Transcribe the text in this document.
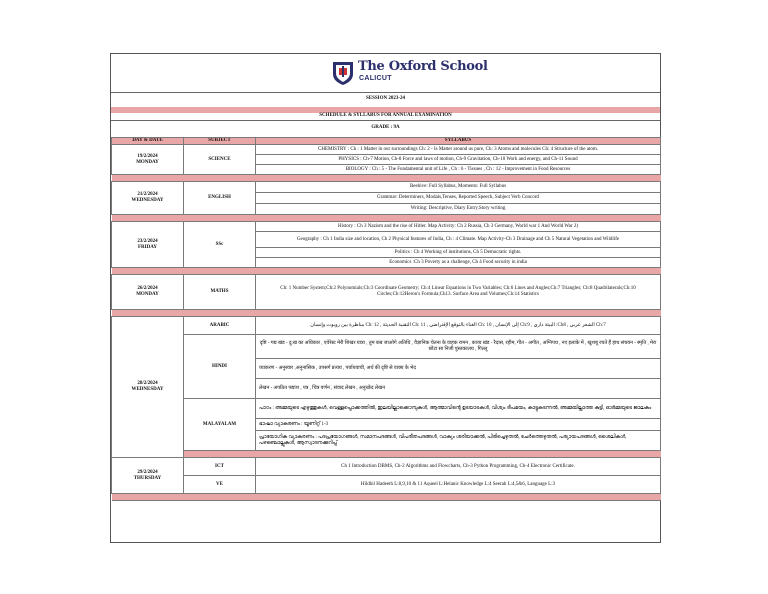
The Oxford School
CALICUT
SESSION 2023-24
SCHEDULE & SYLLABUS FOR ANNUAL EXAMINATION
GRADE : 9A
DAY & DATE	SUBJECT	SYLLABUS

19/2/2024
MONDAY	SCIENCE	CHEMISTRY : Ch : 1 Matter in our surroundings Ch: 2 - Is Matter around us pure, Ch: 3 Atoms and molecules Ch: 4 Structure of the atom.
		PHYSICS : Ch-7 Motion, Ch-8 Force and laws of motion, Ch-9 Gravitation, Ch-10 Work and energy, and Ch-11 Sound
		BIOLOGY : Ch : 5 - The Fundamental unit of Life , Ch : 6 - Tissues , Ch : 12 - Improvement in Food Resources

21/2/2024
WEDNESDAY	ENGLISH	Beehive: Full Syllabus, Moments: Full Syllabus
		Grammar: Determiners, Modals,Tenses, Reported Speech, Subject Verb Concord
		Writing: Descriptive, Diary Entry,Story writing

23/2/2024
FRIDAY	SSc	History : Ch 3 Nazism and the rise of Hitler. Map Activity: Ch 2 Russia, Ch 3 Germany, World war 1 And World War 2)
		Geography : Ch 1 India size and location, Ch 2 Physical features of India, Ch : 4 Climate. Map Activity-Ch 3 Drainage and Ch 5 Natural Vegetation and Wildlife
		Politics : Ch 4 Working of institutions, Ch 5 Democratic rights.
		Economics :Ch 3 Poverty as a challenge, Ch 4 Food security in india

26/2/2024
MONDAY	MATHS	Ch: 1 Number System;Ch:2 Polynomials;Ch:3 Coordinate Geometry; Ch:4 Linear Equations in Two Variables; Ch:6 Lines and Angles;Ch:7 Triangles; Ch:8 Quadrilaterals;Ch:10 Circles;Ch:12Heron's Formula;Ch13. Surface Area and Volumes;Ch:14 Statistics

28/2/2024
WEDNESDAY	ARABIC	Ch:7 الشعر عربي , Ch8: البيئة داري , Ch:9 إلى الإنسان , Ch: 10 الغناء بالتوقع الإفتراضي , Ch: 11 التقنية الحديثة , Ch: 12 مناظرة بين روبوت وإنسان
	HINDI	दृष्टि - गद्य खंड - दु:ख का अधिकार , एवेरेस्ट मेरी शिखर यात्रा , तुम कब जाओगे अतिथि , वैज्ञानिक चेतना के वाहक रामन , काव्य खंड - रैदास, रहीम, गीत - अगीत , अग्निपथ , नए इलाके में , खुशबू रचते हैं हाथ संचयन - स्मृति , मेरा छोटा सा निजी पुस्तकालय , गिल्लू
		व्याकरण - अनुस्वार ,अनुनासिक , उपसर्ग प्रत्यय , पर्यायवाची, अर्थ की दृष्टि से वाक्य के भेद
		लेखन - अपठित पद्यांश , पत्र , चित्र वर्णन , संवाद लेखन , अनुच्छेद लेखन
	MALAYALAM	പാഠം : അമ്മയുടെ എഴുത്തുകൾ, വെള്ളപ്പൊക്കത്തിൽ, ഇലയില്ലാക്കൊമ്പുകൾ, ആത്മാവിന്റെ ഉടയാടകൾ, വിശ്വം ദീപമയം, കാട്ടുകടന്നൽ, അമ്മയില്ലാത്ത കുട്ടി, ഓർമ്മയുടെ ജാലകം
		ഭാഷാ വ്യാകരണം : യൂണിറ്റ് 1-3
		പ്രായോഗിക വ്യാകരണം : പദപ്രയോഗങ്ങൾ, സമാനപദങ്ങൾ, വിപരീതപദങ്ങൾ, വാക്യം ശരിയാക്കൽ, പിരിച്ചെഴുതൽ, ചേർത്തെഴുതൽ, പര്യായപദങ്ങൾ, ശൈലികൾ, പഴഞ്ചൊല്ലുകൾ, ആസ്വാദനക്കുറിപ്പ്

29/2/2024
THURSDAY	ICT	Ch 1 Introduction DBMS, Ch-2 Algorithms and Flowcharts, Ch-3 Python Programming, Ch-4 Electronic Certificate.
	VE	Hildhil Hadeeth L:8,9,10 & 11 Aqueel L:Helanic Knowledge L:4 Seerah L:4,5&6, Language L:3
